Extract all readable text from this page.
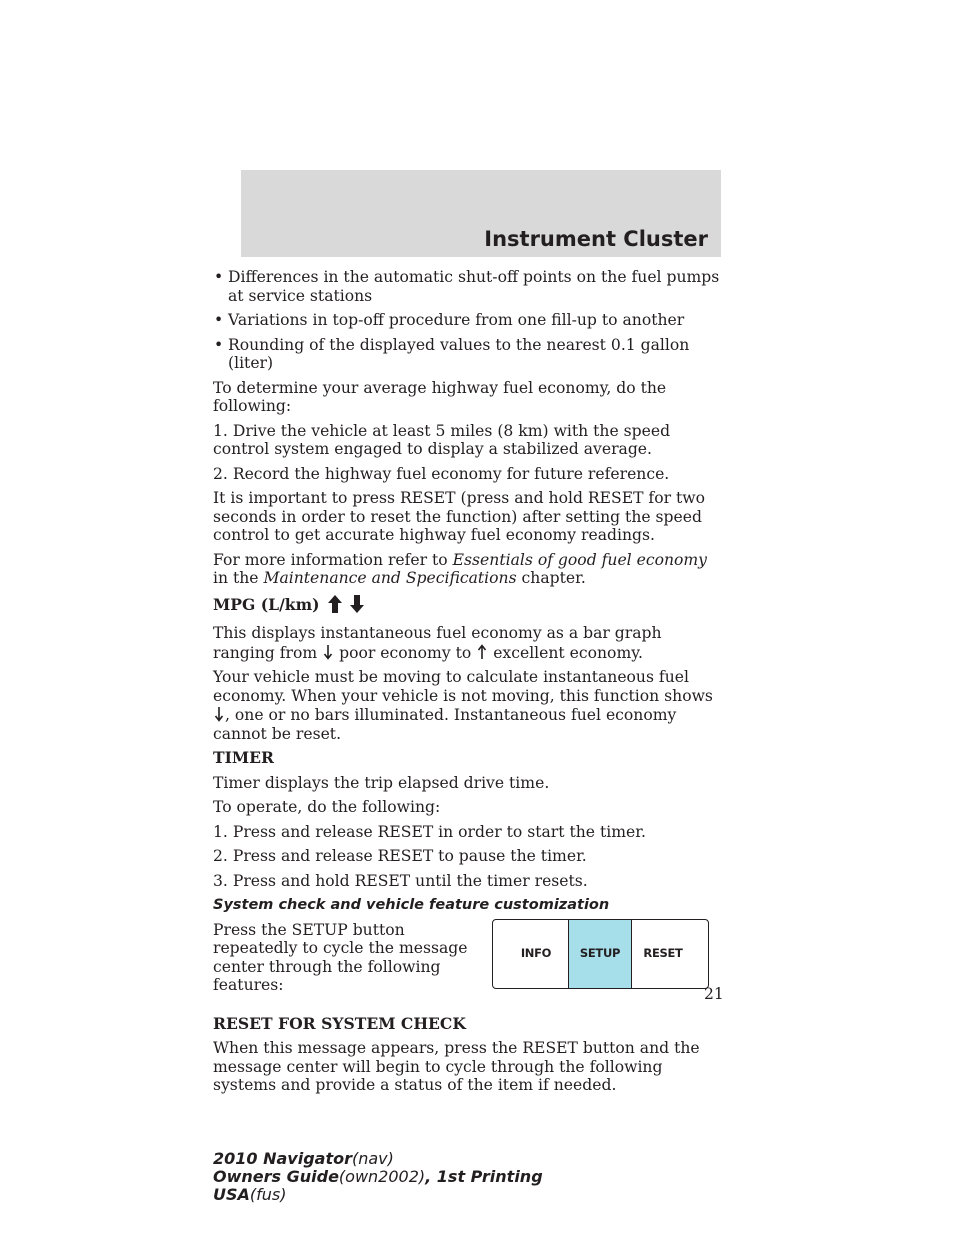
Instrument Cluster
• Differences in the automatic shut-off points on the fuel pumps at service stations
• Variations in top-off procedure from one fill-up to another
• Rounding of the displayed values to the nearest 0.1 gallon (liter)

To determine your average highway fuel economy, do the following:

1. Drive the vehicle at least 5 miles (8 km) with the speed control system engaged to display a stabilized average.

2. Record the highway fuel economy for future reference.

It is important to press RESET (press and hold RESET for two seconds in order to reset the function) after setting the speed control to get accurate highway fuel economy readings.

For more information refer to Essentials of good fuel economy in the Maintenance and Specifications chapter.

MPG (L/km)

This displays instantaneous fuel economy as a bar graph ranging from poor economy to excellent economy.

Your vehicle must be moving to calculate instantaneous fuel economy. When your vehicle is not moving, this function shows , one or no bars illuminated. Instantaneous fuel economy cannot be reset.

TIMER

Timer displays the trip elapsed drive time.

To operate, do the following:

1. Press and release RESET in order to start the timer.

2. Press and release RESET to pause the timer.

3. Press and hold RESET until the timer resets.

System check and vehicle feature customization

Press the SETUP button repeatedly to cycle the message center through the following features:

INFO	SETUP	RESET
RESET FOR SYSTEM CHECK

When this message appears, press the RESET button and the message center will begin to cycle through the following systems and provide a status of the item if needed.

21
2010 Navigator(nav)
Owners Guide(own2002), 1st Printing
USA(fus)
